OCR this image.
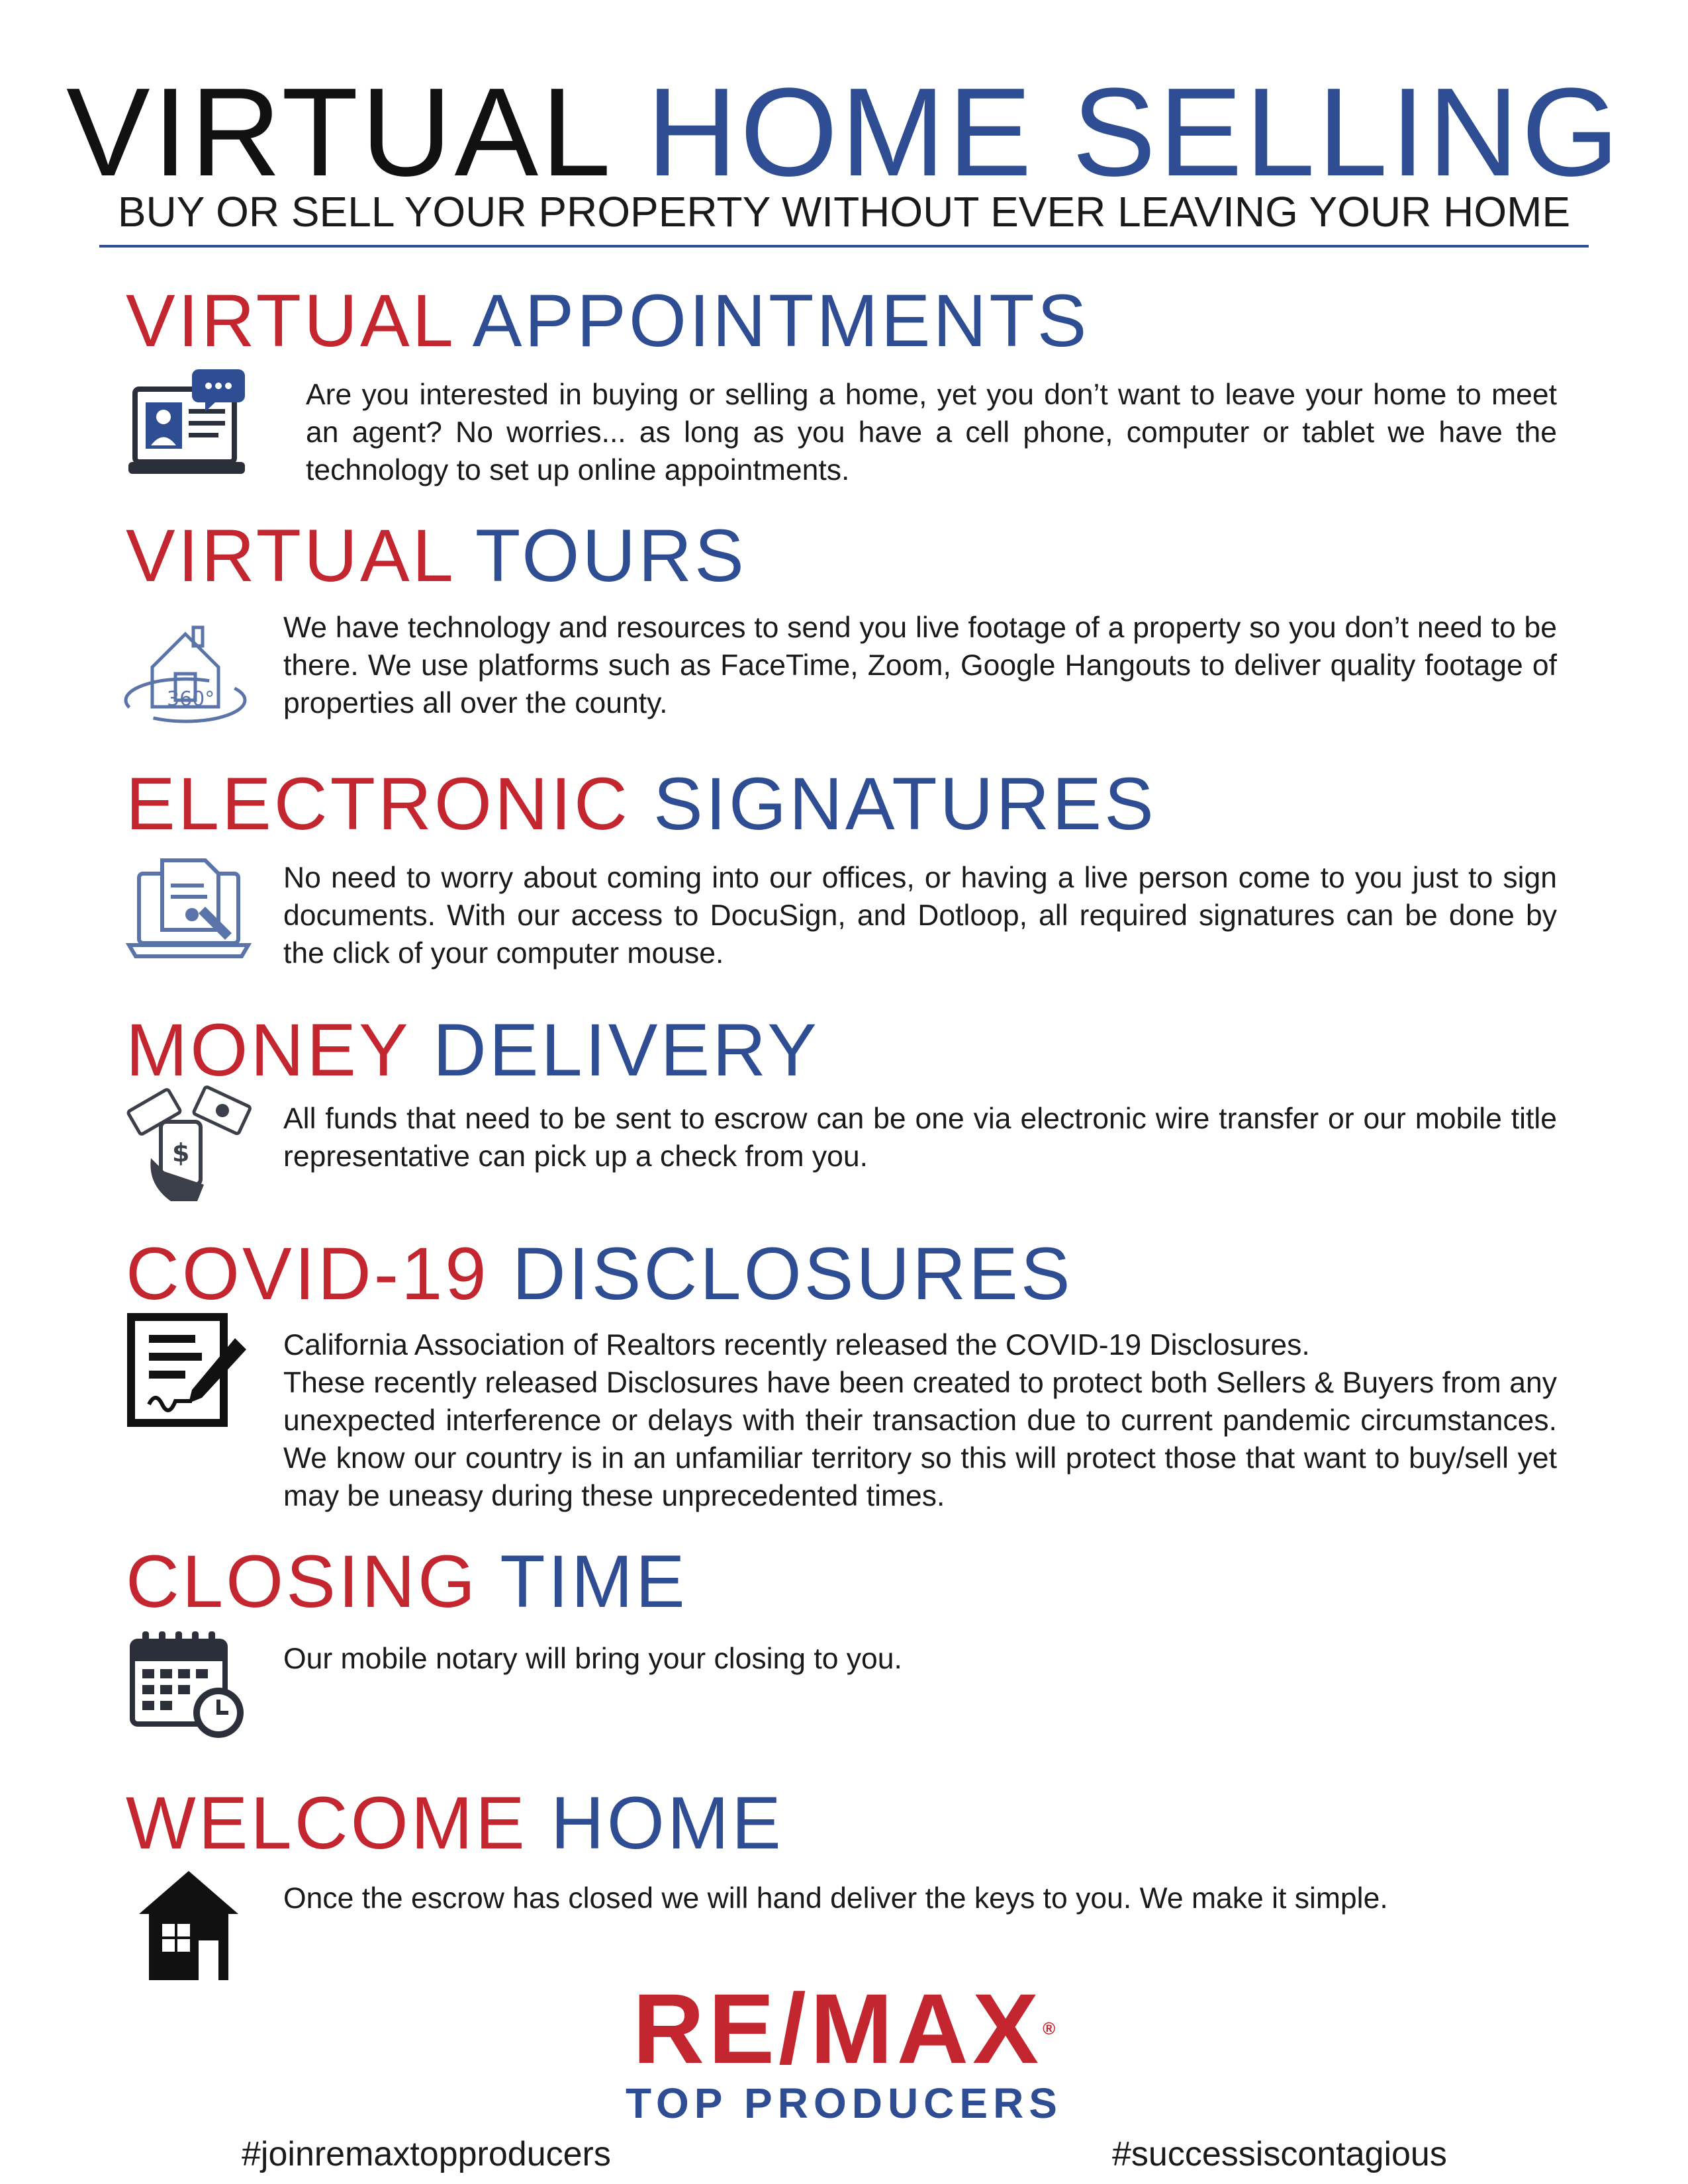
VIRTUAL HOME SELLING
BUY OR SELL YOUR PROPERTY WITHOUT EVER LEAVING YOUR HOME
VIRTUAL APPOINTMENTS
Are you interested in buying or selling a home, yet you don’t want to leave your home to meet an agent? No worries... as long as you have a cell phone, computer or tablet we have the technology to set up online appointments.
VIRTUAL TOURS
360°
We have technology and resources to send you live footage of a property so you don’t need to be there. We use platforms such as FaceTime, Zoom, Google Hangouts to deliver quality footage of properties all over the county.
ELECTRONIC SIGNATURES
No need to worry about coming into our offices, or having a live person come to you just to sign documents. With our access to DocuSign, and Dotloop, all required signatures can be done by the click of your computer mouse.
MONEY DELIVERY
$
All funds that need to be sent to escrow can be one via electronic wire transfer or our mobile title representative can pick up a check from you.
COVID-19 DISCLOSURES
California Association of Realtors recently released the COVID-19 Disclosures.
These recently released Disclosures have been created to protect both Sellers & Buyers from any unexpected interference or delays with their transaction due to current pandemic circumstances. We know our country is in an unfamiliar territory so this will protect those that want to buy/sell yet may be uneasy during these unprecedented times.
CLOSING TIME
Our mobile notary will bring your closing to you.
WELCOME HOME
Once the escrow has closed we will hand deliver the keys to you. We make it simple.
RE/MAX®
TOP PRODUCERS
#joinremaxtopproducers	#successiscontagious
